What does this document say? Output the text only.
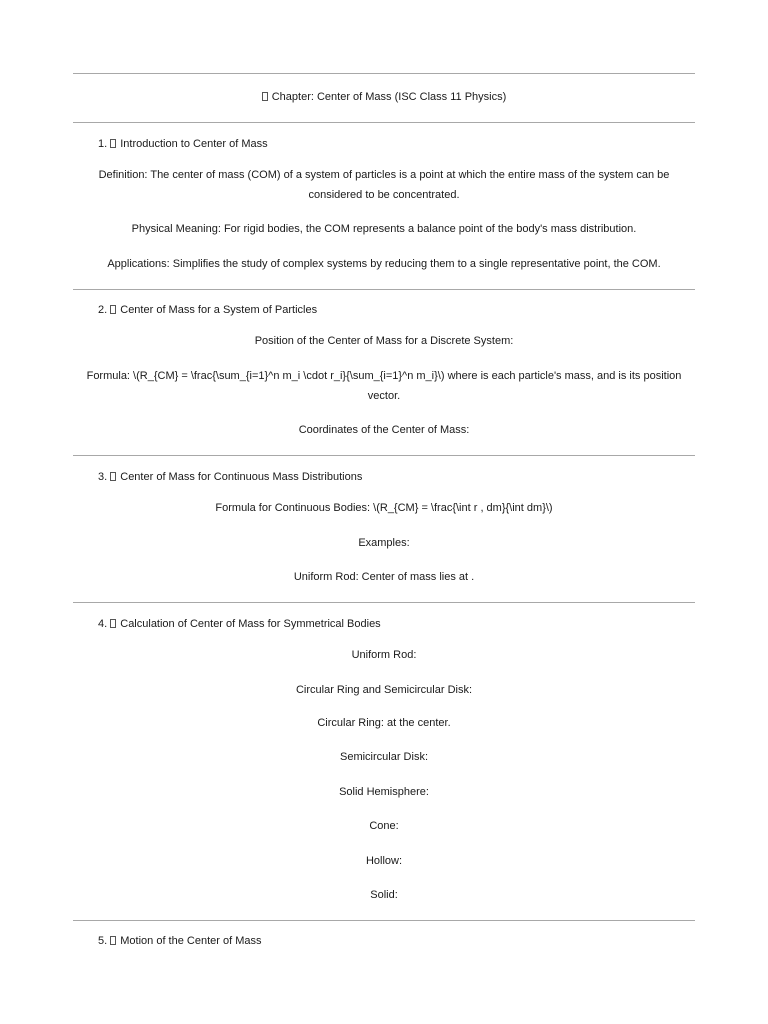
Chapter: Center of Mass (ISC Class 11 Physics)
1. Introduction to Center of Mass
Definition: The center of mass (COM) of a system of particles is a point at which the entire mass of the system can be considered to be concentrated.
Physical Meaning: For rigid bodies, the COM represents a balance point of the body's mass distribution.
Applications: Simplifies the study of complex systems by reducing them to a single representative point, the COM.
2. Center of Mass for a System of Particles
Position of the Center of Mass for a Discrete System:
Formula: \(R_{CM} = \frac{\sum_{i=1}^n m_i \cdot r_i}{\sum_{i=1}^n m_i}\) where is each particle's mass, and is its position vector.
Coordinates of the Center of Mass:
3. Center of Mass for Continuous Mass Distributions
Formula for Continuous Bodies: \(R_{CM} = \frac{\int r , dm}{\int dm}\)
Examples:
Uniform Rod: Center of mass lies at .
4. Calculation of Center of Mass for Symmetrical Bodies
Uniform Rod:
Circular Ring and Semicircular Disk:
Circular Ring: at the center.
Semicircular Disk:
Solid Hemisphere:
Cone:
Hollow:
Solid:
5. Motion of the Center of Mass
